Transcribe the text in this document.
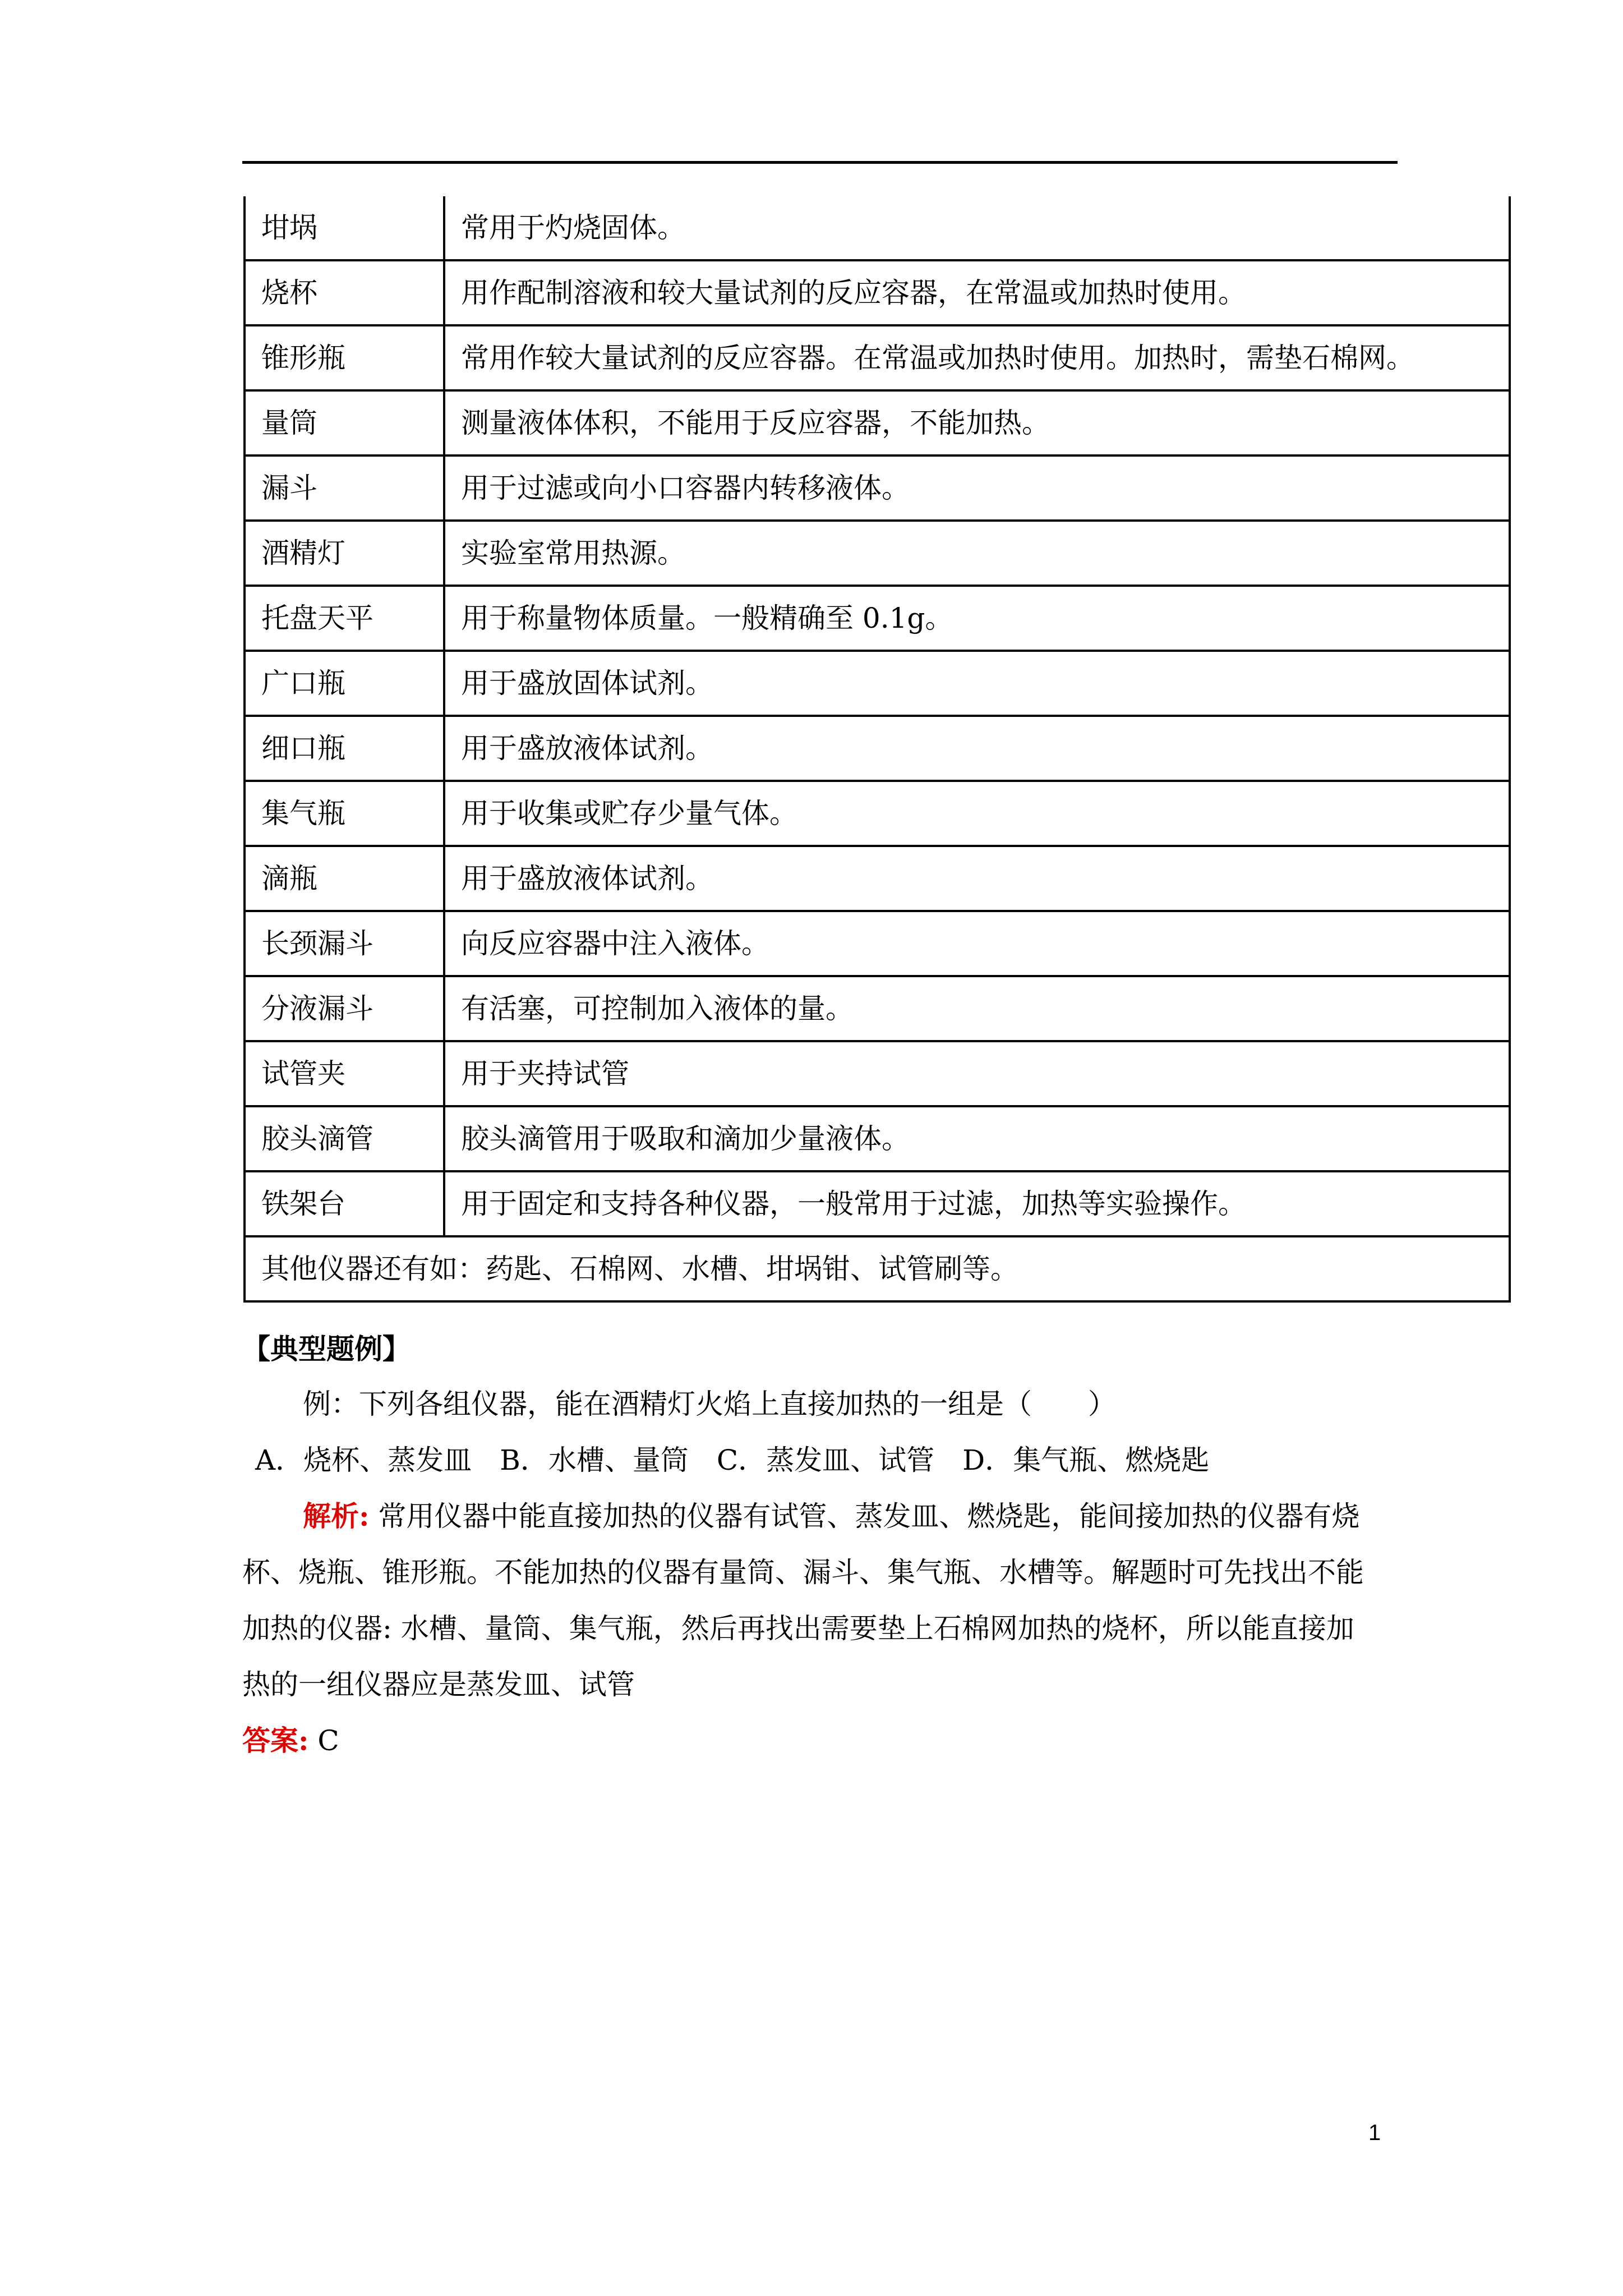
坩埚	常用于灼烧固体。
烧杯	用作配制溶液和较大量试剂的反应容器，在常温或加热时使用。
锥形瓶	常用作较大量试剂的反应容器。在常温或加热时使用。加热时，需垫石棉网。
量筒	测量液体体积，不能用于反应容器，不能加热。
漏斗	用于过滤或向小口容器内转移液体。
酒精灯	实验室常用热源。
托盘天平	用于称量物体质量。一般精确至 0.1g。
广口瓶	用于盛放固体试剂。
细口瓶	用于盛放液体试剂。
集气瓶	用于收集或贮存少量气体。
滴瓶	用于盛放液体试剂。
长颈漏斗	向反应容器中注入液体。
分液漏斗	有活塞，可控制加入液体的量。
试管夹	用于夹持试管
胶头滴管	胶头滴管用于吸取和滴加少量液体。
铁架台	用于固定和支持各种仪器，一般常用于过滤，加热等实验操作。
其他仪器还有如：药匙、石棉网、水槽、坩埚钳、试管刷等。	
【典型题例】
例：下列各组仪器，能在酒精灯火焰上直接加热的一组是（　　）
A．烧杯、蒸发皿　B．水槽、量筒　C．蒸发皿、试管　D．集气瓶、燃烧匙
解析: 常用仪器中能直接加热的仪器有试管、蒸发皿、燃烧匙，能间接加热的仪器有烧
杯、烧瓶、锥形瓶。不能加热的仪器有量筒、漏斗、集气瓶、水槽等。解题时可先找出不能
加热的仪器: 水槽、量筒、集气瓶，然后再找出需要垫上石棉网加热的烧杯，所以能直接加
热的一组仪器应是蒸发皿、试管
答案: C
1
